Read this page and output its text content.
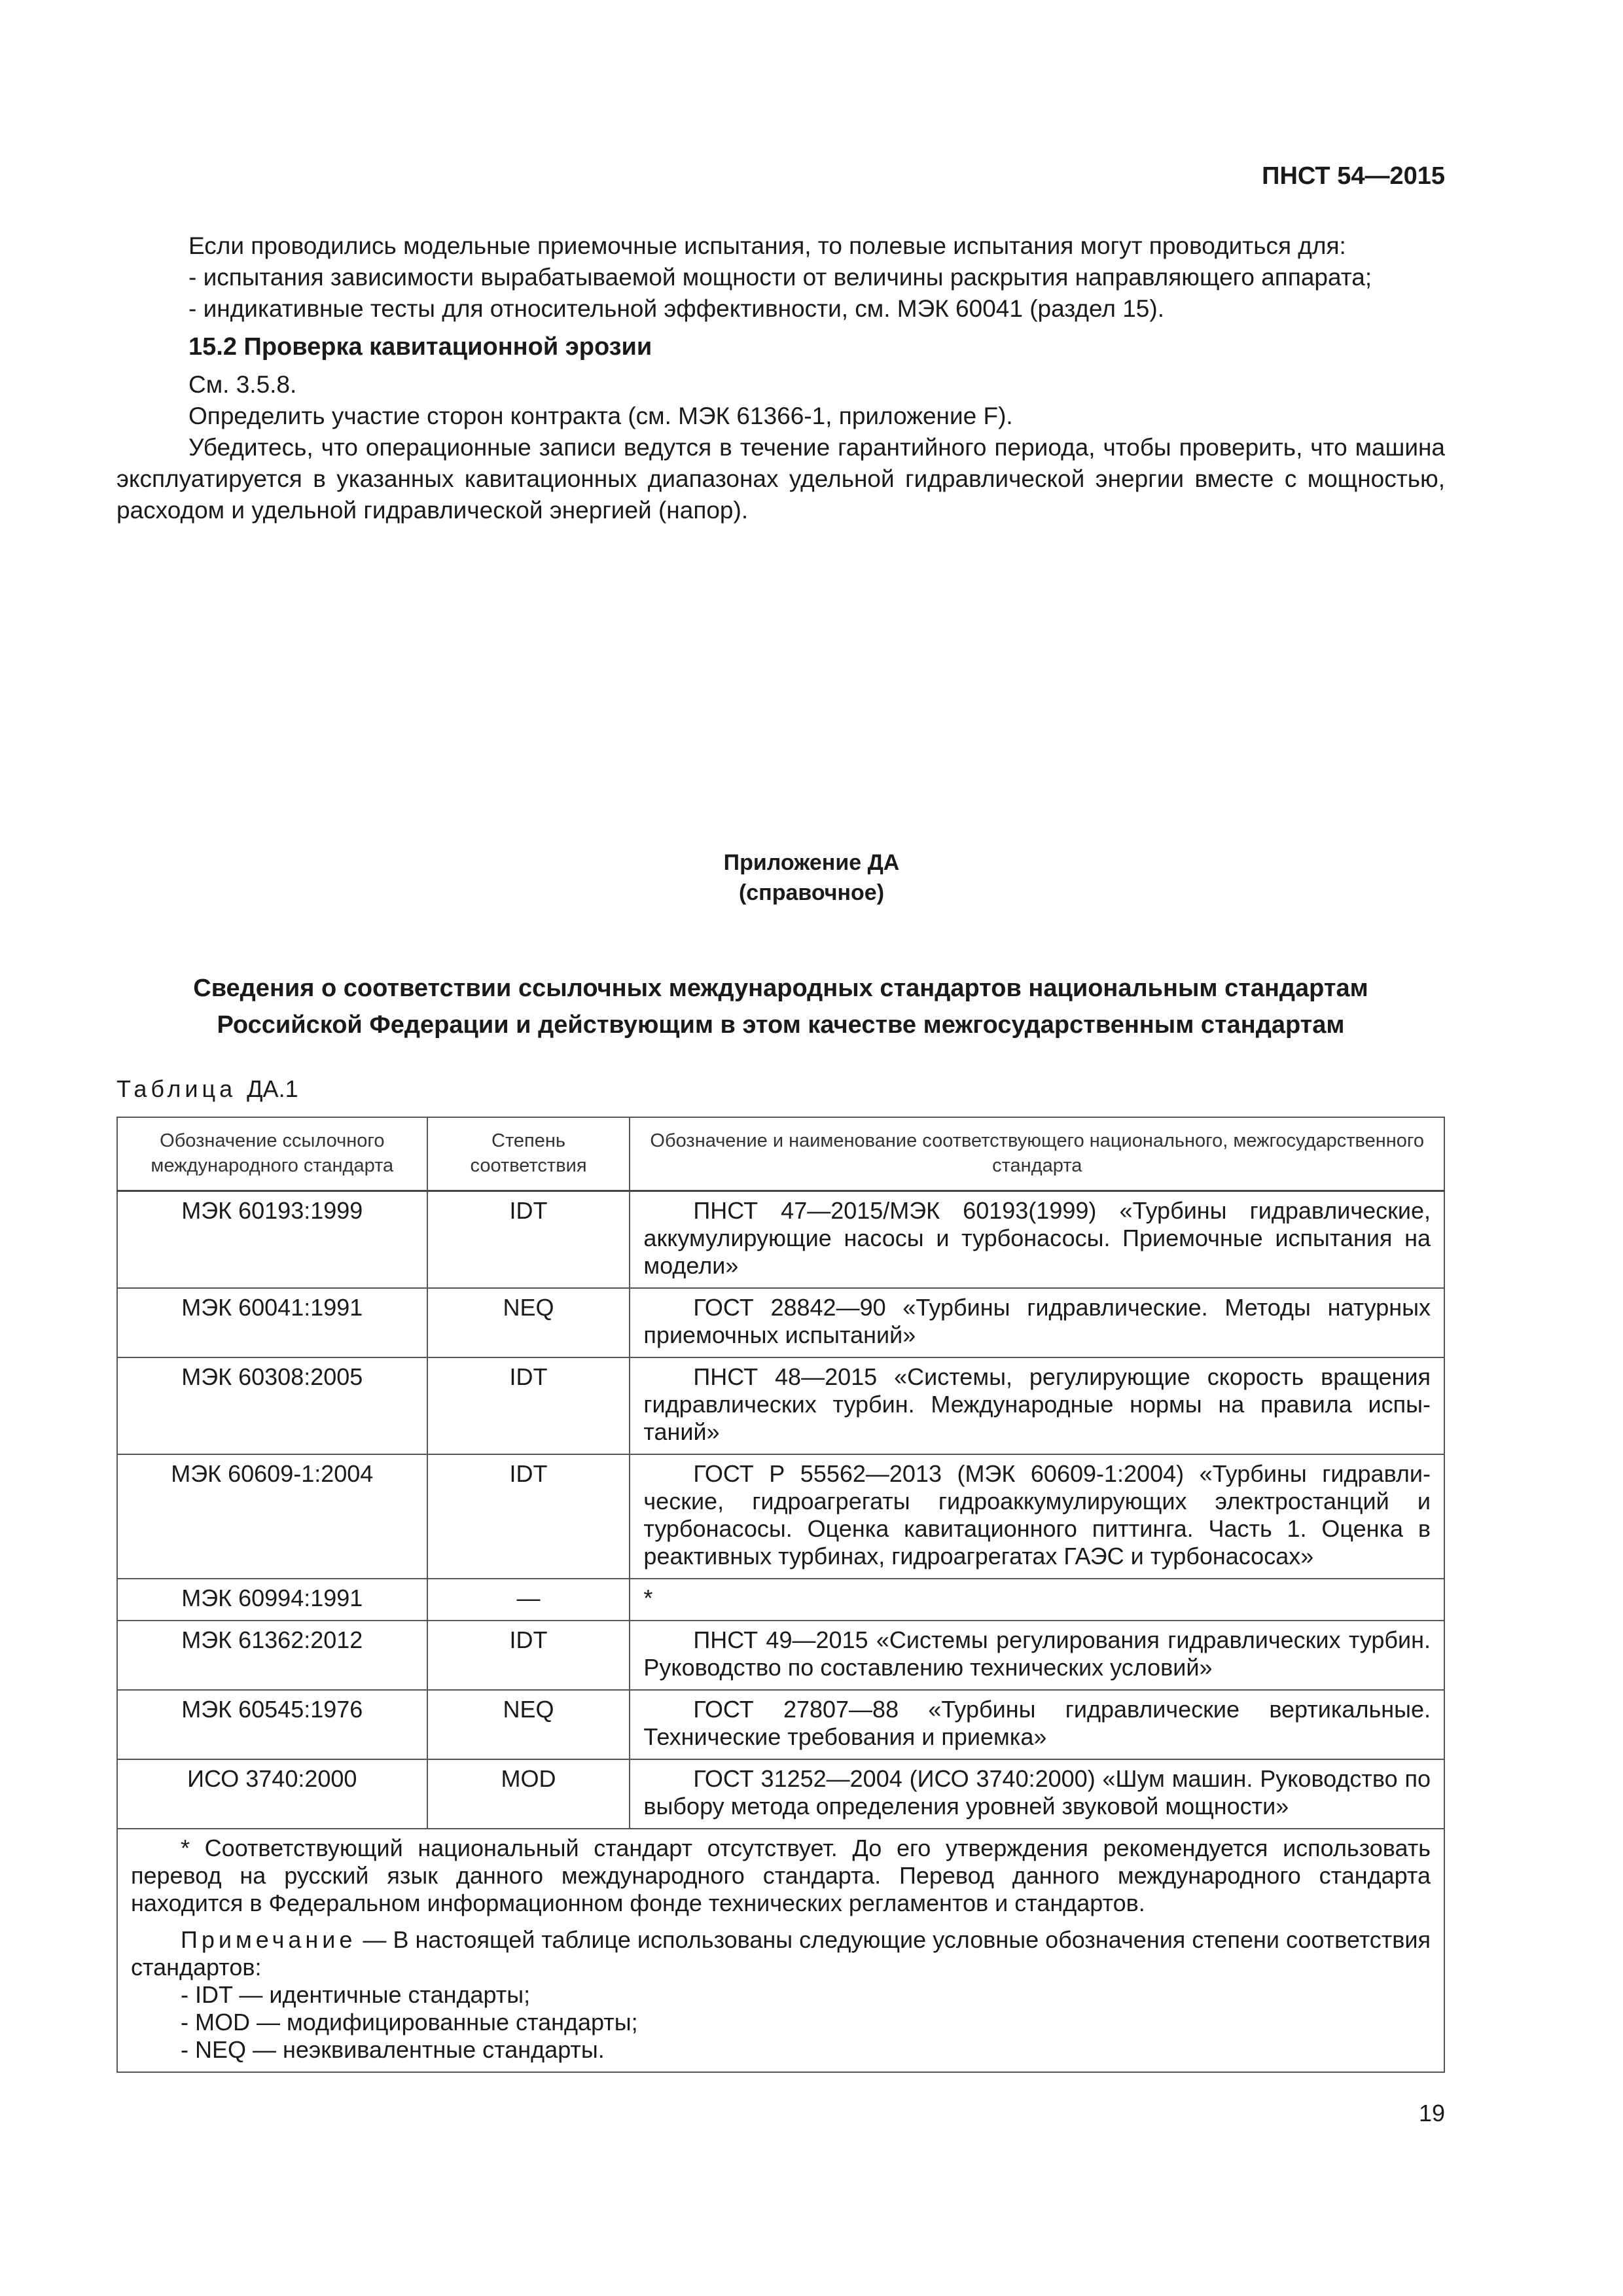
ПНСТ 54—2015

Если проводились модельные приемочные испытания, то полевые испытания могут проводиться для:

- испытания зависимости вырабатываемой мощности от величины раскрытия направляющего аппарата;

- индикативные тесты для относительной эффективности, см. МЭК 60041 (раздел 15).

15.2 Проверка кавитационной эрозии

См. 3.5.8.

Определить участие сторон контракта (см. МЭК 61366-1, приложение F).

Убедитесь, что операционные записи ведутся в течение гарантийного периода, чтобы проверить, что машина эксплуатируется в указанных кавитационных диапазонах удельной гидравлической энергии вместе с мощностью, расходом и удельной гидравлической энергией (напор).

Приложение ДА
(справочное)
Сведения о соответствии ссылочных международных стандартов национальным стандартам
Российской Федерации и действующим в этом качестве межгосударственным стандартам
Таблица ДА.1
Обозначение ссылочного международного стандарта	Степень соответствия	Обозначение и наименование соответствующего национального, межгосударственного стандарта
МЭК 60193:1999	IDT	ПНСТ 47—2015/МЭК 60193(1999) «Турбины гидравлические, аккумулирующие насосы и турбонасосы. Приемочные испытания на модели»
МЭК 60041:1991	NEQ	ГОСТ 28842—90 «Турбины гидравлические. Методы натурных приемочных испытаний»
МЭК 60308:2005	IDT	ПНСТ 48—2015 «Системы, регулирующие скорость вращения гидравлических турбин. Международные нормы на правила испытаний»
МЭК 60609-1:2004	IDT	ГОСТ Р 55562—2013 (МЭК 60609-1:2004) «Турбины гидравлические, гидроагрегаты гидроаккумулирующих электростанций и турбонасосы. Оценка кавитационного питтинга. Часть 1. Оценка в реактивных турбинах, гидроагрегатах ГАЭС и турбонасосах»
МЭК 60994:1991	—	*
МЭК 61362:2012	IDT	ПНСТ 49—2015 «Системы регулирования гидравлических турбин. Руководство по составлению технических условий»
МЭК 60545:1976	NEQ	ГОСТ 27807—88 «Турбины гидравлические вертикальные. Технические требования и приемка»
ИСО 3740:2000	MOD	ГОСТ 31252—2004 (ИСО 3740:2000) «Шум машин. Руководство по выбору метода определения уровней звуковой мощности»

* Соответствующий национальный стандарт отсутствует. До его утверждения рекомендуется использовать перевод на русский язык данного международного стандарта. Перевод данного международного стандарта находится в Федеральном информационном фонде технических регламентов и стандартов.

Примечание — В настоящей таблице использованы следующие условные обозначения степени соответствия стандартов:

- IDT — идентичные стандарты;

- MOD — модифицированные стандарты;

- NEQ — неэквивалентные стандарты.		

19
